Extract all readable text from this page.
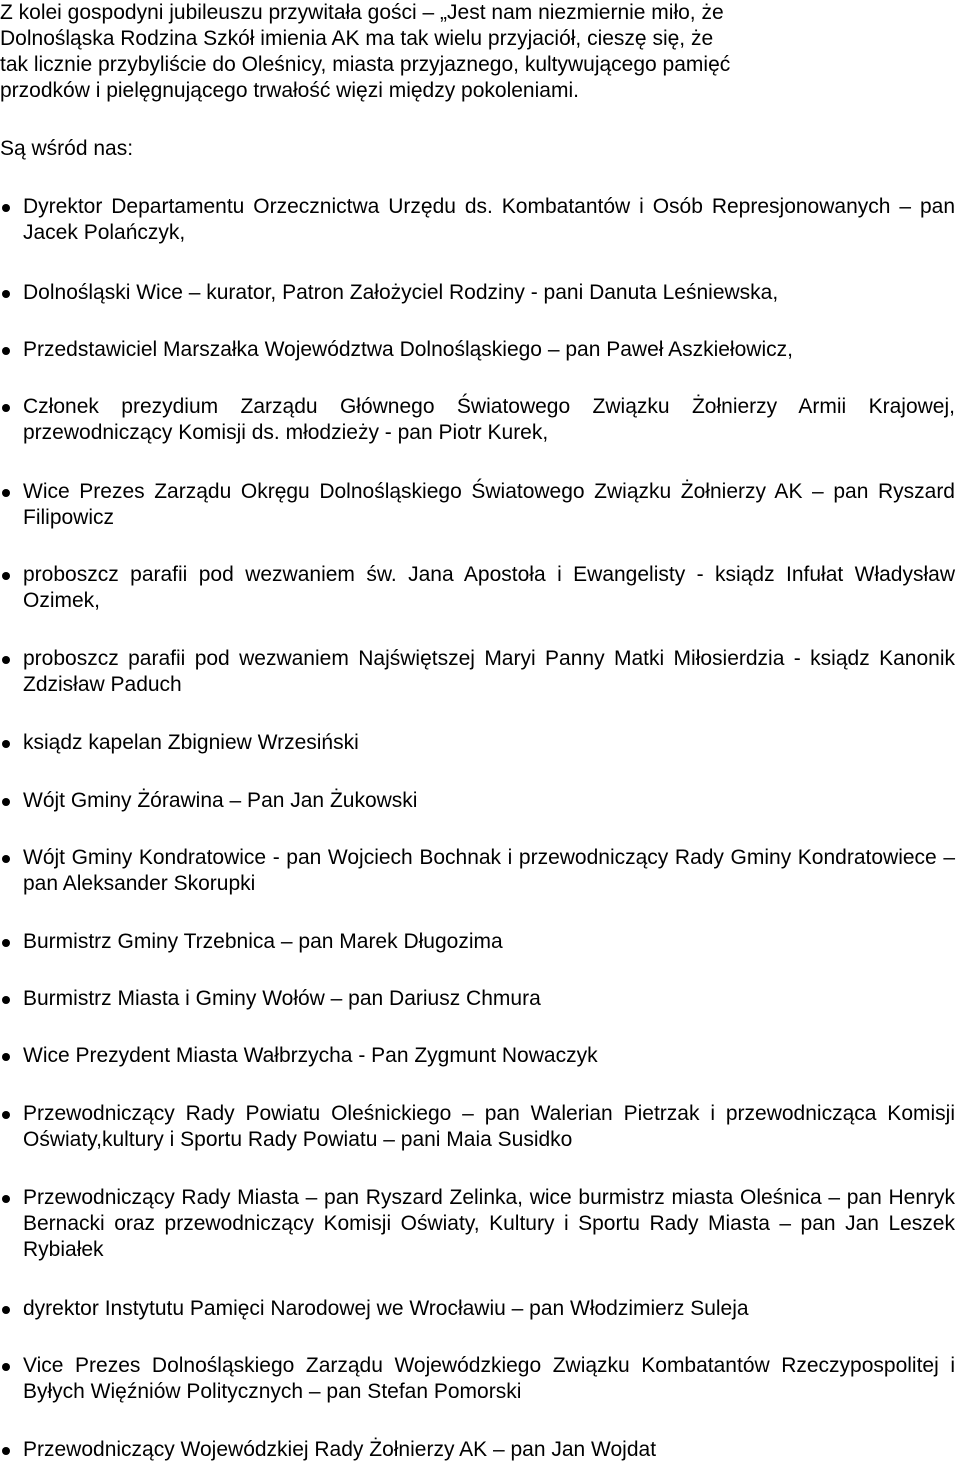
Z kolei gospodyni jubileuszu przywitała gości – „Jest nam niezmiernie miło, że
Dolnośląska Rodzina Szkół imienia AK ma tak wielu przyjaciół, cieszę się, że
tak licznie przybyliście do Oleśnicy, miasta przyjaznego, kultywującego pamięć
przodków i pielęgnującego trwałość więzi między pokoleniami.

Są wśród nas:

Dyrektor Departamentu Orzecznictwa Urzędu ds. Kombatantów i Osób Represjonowanych – pan Jacek Polańczyk,
Dolnośląski Wice – kurator, Patron Założyciel Rodziny - pani Danuta Leśniewska,
Przedstawiciel Marszałka Województwa Dolnośląskiego – pan Paweł Aszkiełowicz,
Członek prezydium Zarządu Głównego Światowego Związku Żołnierzy Armii Krajowej, przewodniczący Komisji ds. młodzieży - pan Piotr Kurek,
Wice Prezes Zarządu Okręgu Dolnośląskiego Światowego Związku Żołnierzy AK – pan Ryszard Filipowicz
proboszcz parafii pod wezwaniem św. Jana Apostoła i Ewangelisty - ksiądz Infułat Władysław Ozimek,
proboszcz parafii pod wezwaniem Najświętszej Maryi Panny Matki Miłosierdzia - ksiądz Kanonik Zdzisław Paduch
ksiądz kapelan Zbigniew Wrzesiński
Wójt Gminy Żórawina – Pan Jan Żukowski
Wójt Gminy Kondratowice - pan Wojciech Bochnak i przewodniczący Rady Gminy Kondratowiece – pan Aleksander Skorupki
Burmistrz Gminy Trzebnica – pan Marek Długozima
Burmistrz Miasta i Gminy Wołów – pan Dariusz Chmura
Wice Prezydent Miasta Wałbrzycha - Pan Zygmunt Nowaczyk
Przewodniczący Rady Powiatu Oleśnickiego – pan Walerian Pietrzak i przewodnicząca Komisji Oświaty,kultury i Sportu Rady Powiatu – pani Maia Susidko
Przewodniczący Rady Miasta – pan Ryszard Zelinka, wice burmistrz miasta Oleśnica – pan Henryk Bernacki oraz przewodniczący Komisji Oświaty, Kultury i Sportu Rady Miasta – pan Jan Leszek Rybiałek
dyrektor Instytutu Pamięci Narodowej we Wrocławiu – pan Włodzimierz Suleja
Vice Prezes Dolnośląskiego Zarządu Wojewódzkiego Związku Kombatantów Rzeczypospolitej i Byłych Więźniów Politycznych – pan Stefan Pomorski
Przewodniczący Wojewódzkiej Rady Żołnierzy AK – pan Jan Wojdat
